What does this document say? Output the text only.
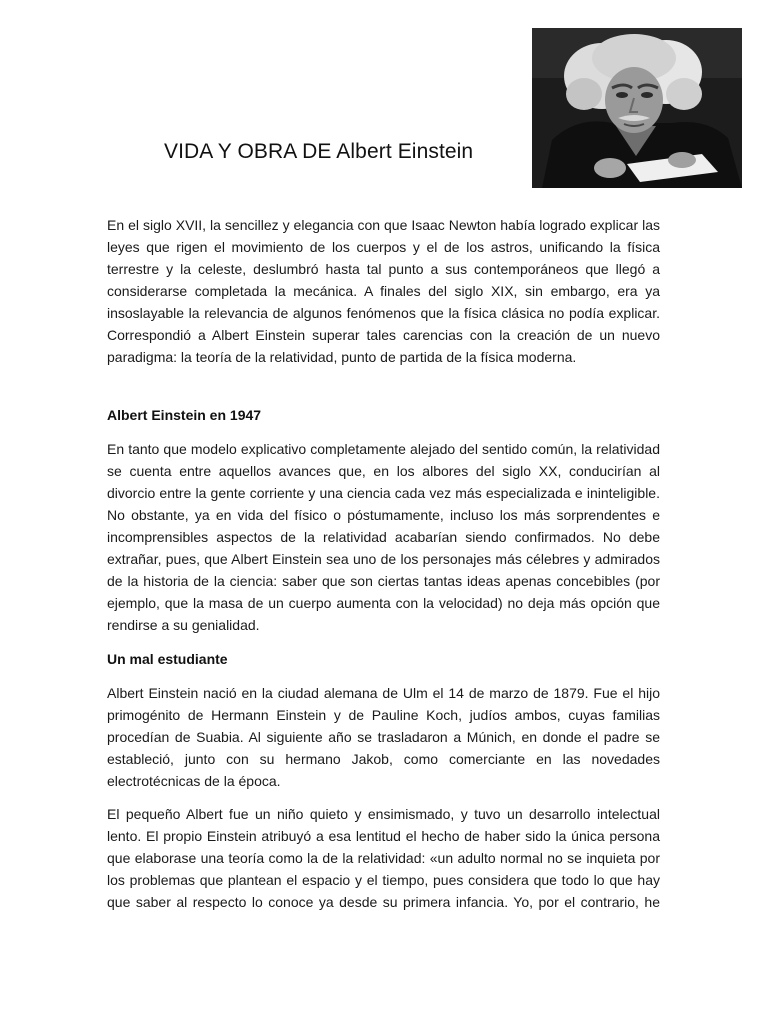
VIDA Y OBRA DE Albert Einstein

En el siglo XVII, la sencillez y elegancia con que Isaac Newton había logrado explicar las leyes que rigen el movimiento de los cuerpos y el de los astros, unificando la física terrestre y la celeste, deslumbró hasta tal punto a sus contemporáneos que llegó a considerarse completada la mecánica. A finales del siglo XIX, sin embargo, era ya insoslayable la relevancia de algunos fenómenos que la física clásica no podía explicar. Correspondió a Albert Einstein superar tales carencias con la creación de un nuevo paradigma: la teoría de la relatividad, punto de partida de la física moderna.

Albert Einstein en 1947

En tanto que modelo explicativo completamente alejado del sentido común, la relatividad se cuenta entre aquellos avances que, en los albores del siglo XX, conducirían al divorcio entre la gente corriente y una ciencia cada vez más especializada e ininteligible. No obstante, ya en vida del físico o póstumamente, incluso los más sorprendentes e incomprensibles aspectos de la relatividad acabarían siendo confirmados. No debe extrañar, pues, que Albert Einstein sea uno de los personajes más célebres y admirados de la historia de la ciencia: saber que son ciertas tantas ideas apenas concebibles (por ejemplo, que la masa de un cuerpo aumenta con la velocidad) no deja más opción que rendirse a su genialidad.

Un mal estudiante

Albert Einstein nació en la ciudad alemana de Ulm el 14 de marzo de 1879. Fue el hijo primogénito de Hermann Einstein y de Pauline Koch, judíos ambos, cuyas familias procedían de Suabia. Al siguiente año se trasladaron a Múnich, en donde el padre se estableció, junto con su hermano Jakob, como comerciante en las novedades electrotécnicas de la época.

El pequeño Albert fue un niño quieto y ensimismado, y tuvo un desarrollo intelectual lento. El propio Einstein atribuyó a esa lentitud el hecho de haber sido la única persona que elaborase una teoría como la de la relatividad: «un adulto normal no se inquieta por los problemas que plantean el espacio y el tiempo, pues considera que todo lo que hay que saber al respecto lo conoce ya desde su primera infancia. Yo, por el contrario, he
